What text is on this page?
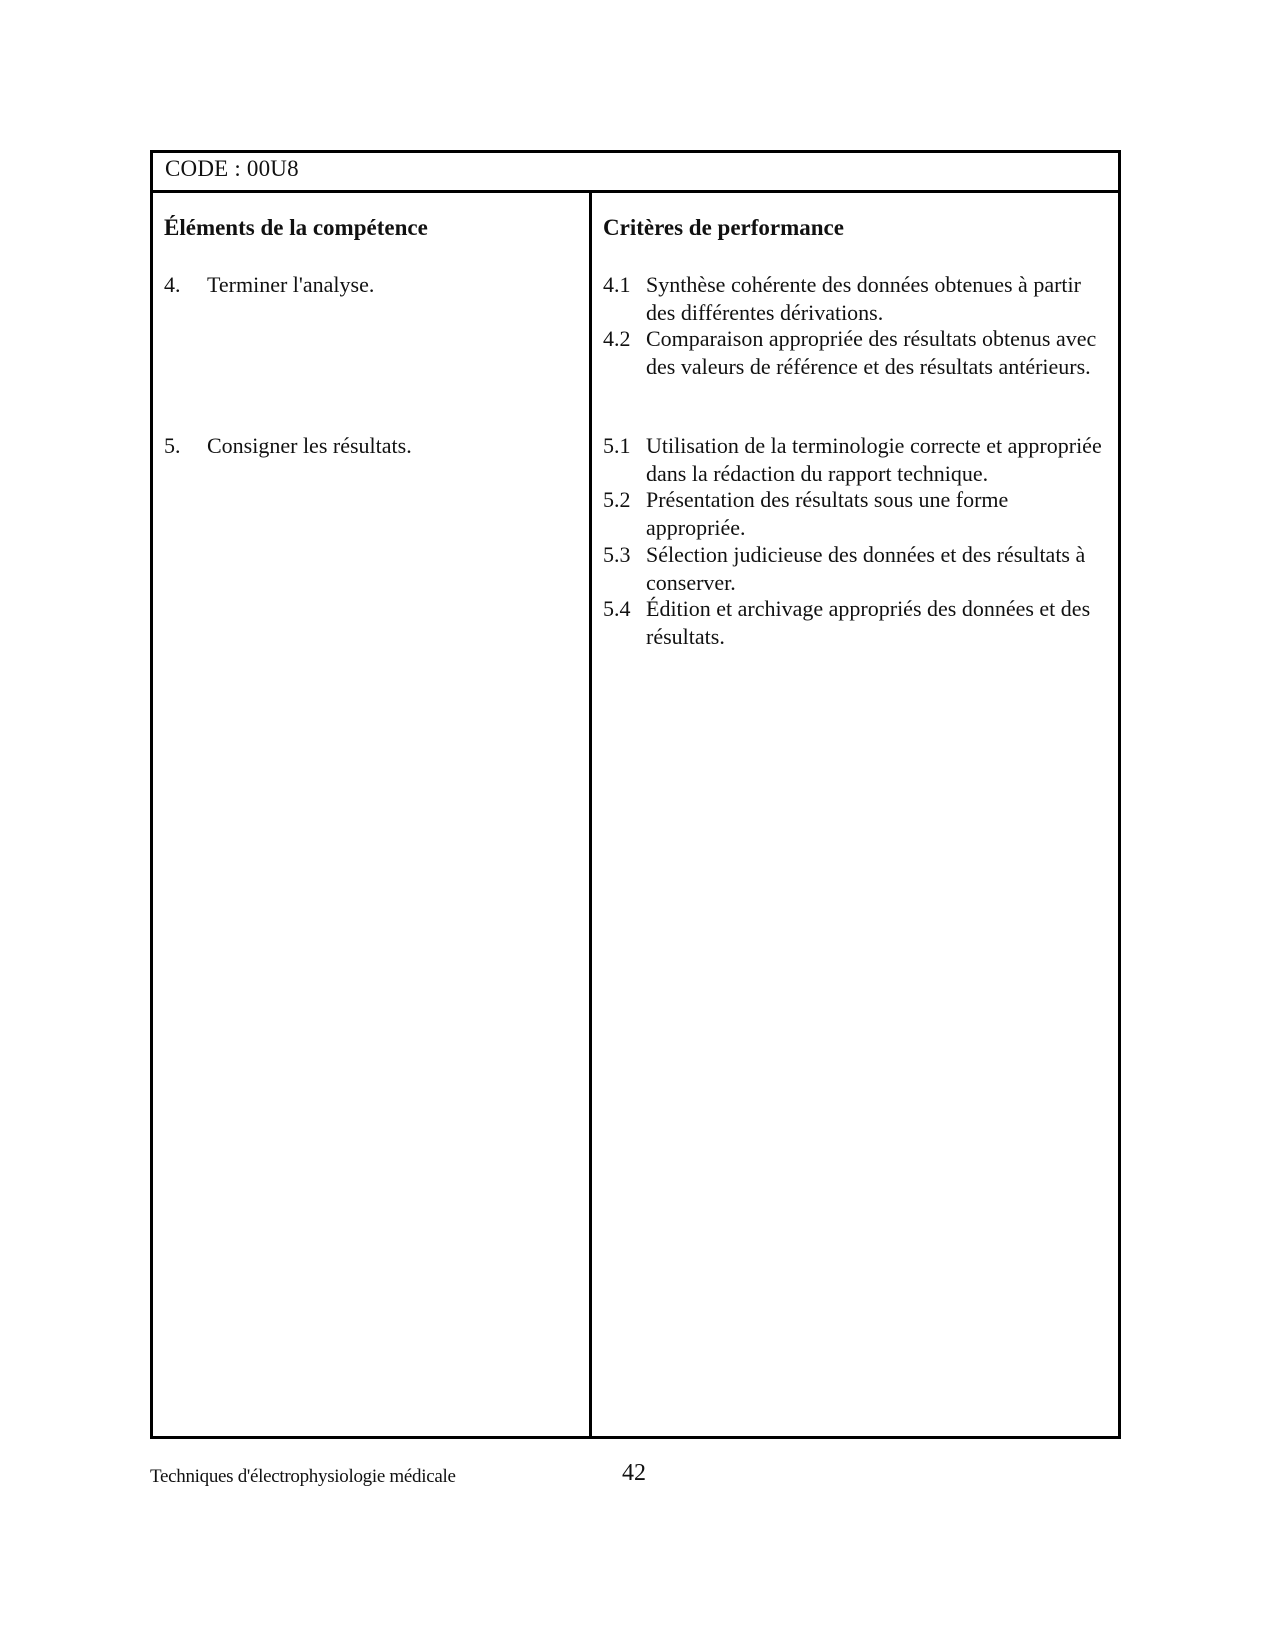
CODE : 00U8
Éléments de la compétence
4. Terminer l'analyse.
5. Consigner les résultats.
Critères de performance
4.1 Synthèse cohérente des données obtenues à partir des différentes dérivations.
4.2 Comparaison appropriée des résultats obtenus avec des valeurs de référence et des résultats antérieurs.
5.1 Utilisation de la terminologie correcte et appropriée dans la rédaction du rapport technique.
5.2 Présentation des résultats sous une forme appropriée.
5.3 Sélection judicieuse des données et des résultats à conserver.
5.4 Édition et archivage appropriés des données et des résultats.
Techniques d'électrophysiologie médicale	42
